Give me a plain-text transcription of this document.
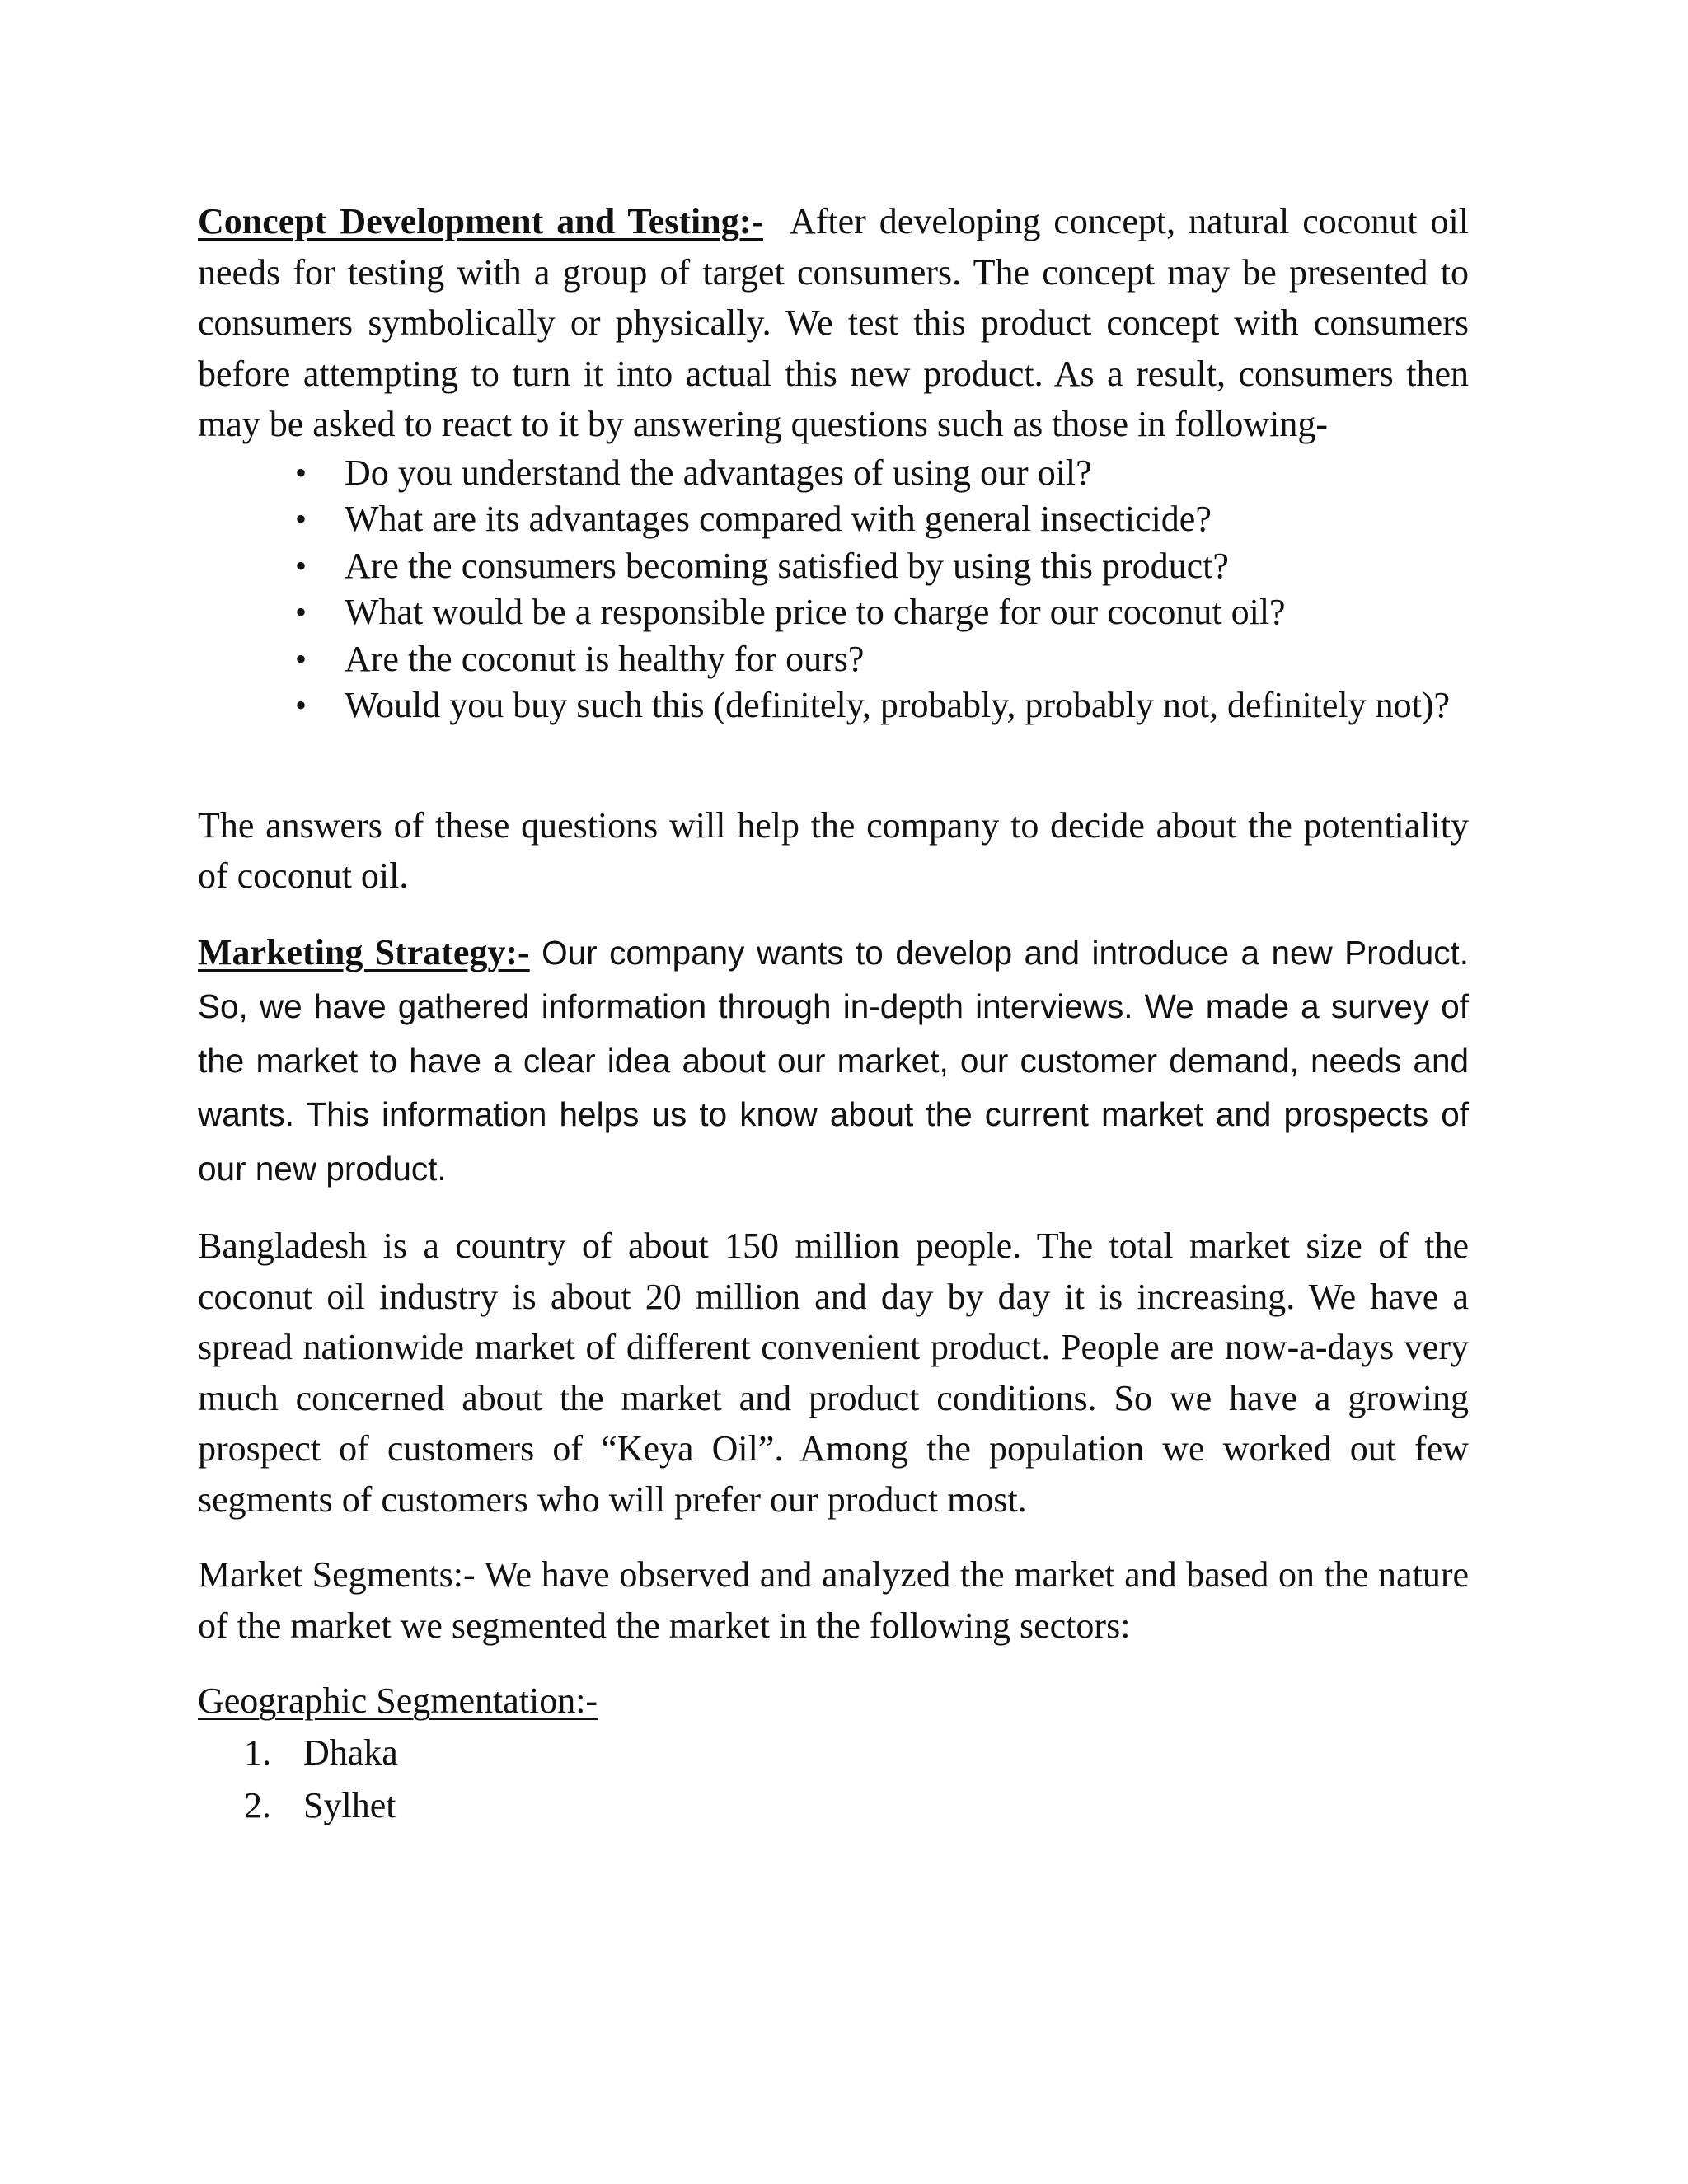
Concept Development and Testing:- After developing concept, natural coconut oil needs for testing with a group of target consumers. The concept may be presented to consumers symbolically or physically. We test this product concept with consumers before attempting to turn it into actual this new product. As a result, consumers then may be asked to react to it by answering questions such as those in following-

• Do you understand the advantages of using our oil?
• What are its advantages compared with general insecticide?
• Are the consumers becoming satisfied by using this product?
• What would be a responsible price to charge for our coconut oil?
• Are the coconut is healthy for ours?
• Would you buy such this (definitely, probably, probably not, definitely not)?

The answers of these questions will help the company to decide about the potentiality of coconut oil.

Marketing Strategy:- Our company wants to develop and introduce a new Product. So, we have gathered information through in-depth interviews. We made a survey of the market to have a clear idea about our market, our customer demand, needs and wants. This information helps us to know about the current market and prospects of our new product.

Bangladesh is a country of about 150 million people. The total market size of the coconut oil industry is about 20 million and day by day it is increasing. We have a spread nationwide market of different convenient product. People are now-a-days very much concerned about the market and product conditions. So we have a growing prospect of customers of “Keya Oil”. Among the population we worked out few segments of customers who will prefer our product most.

Market Segments:- We have observed and analyzed the market and based on the nature of the market we segmented the market in the following sectors:

Geographic Segmentation:-

1. Dhaka
2. Sylhet
